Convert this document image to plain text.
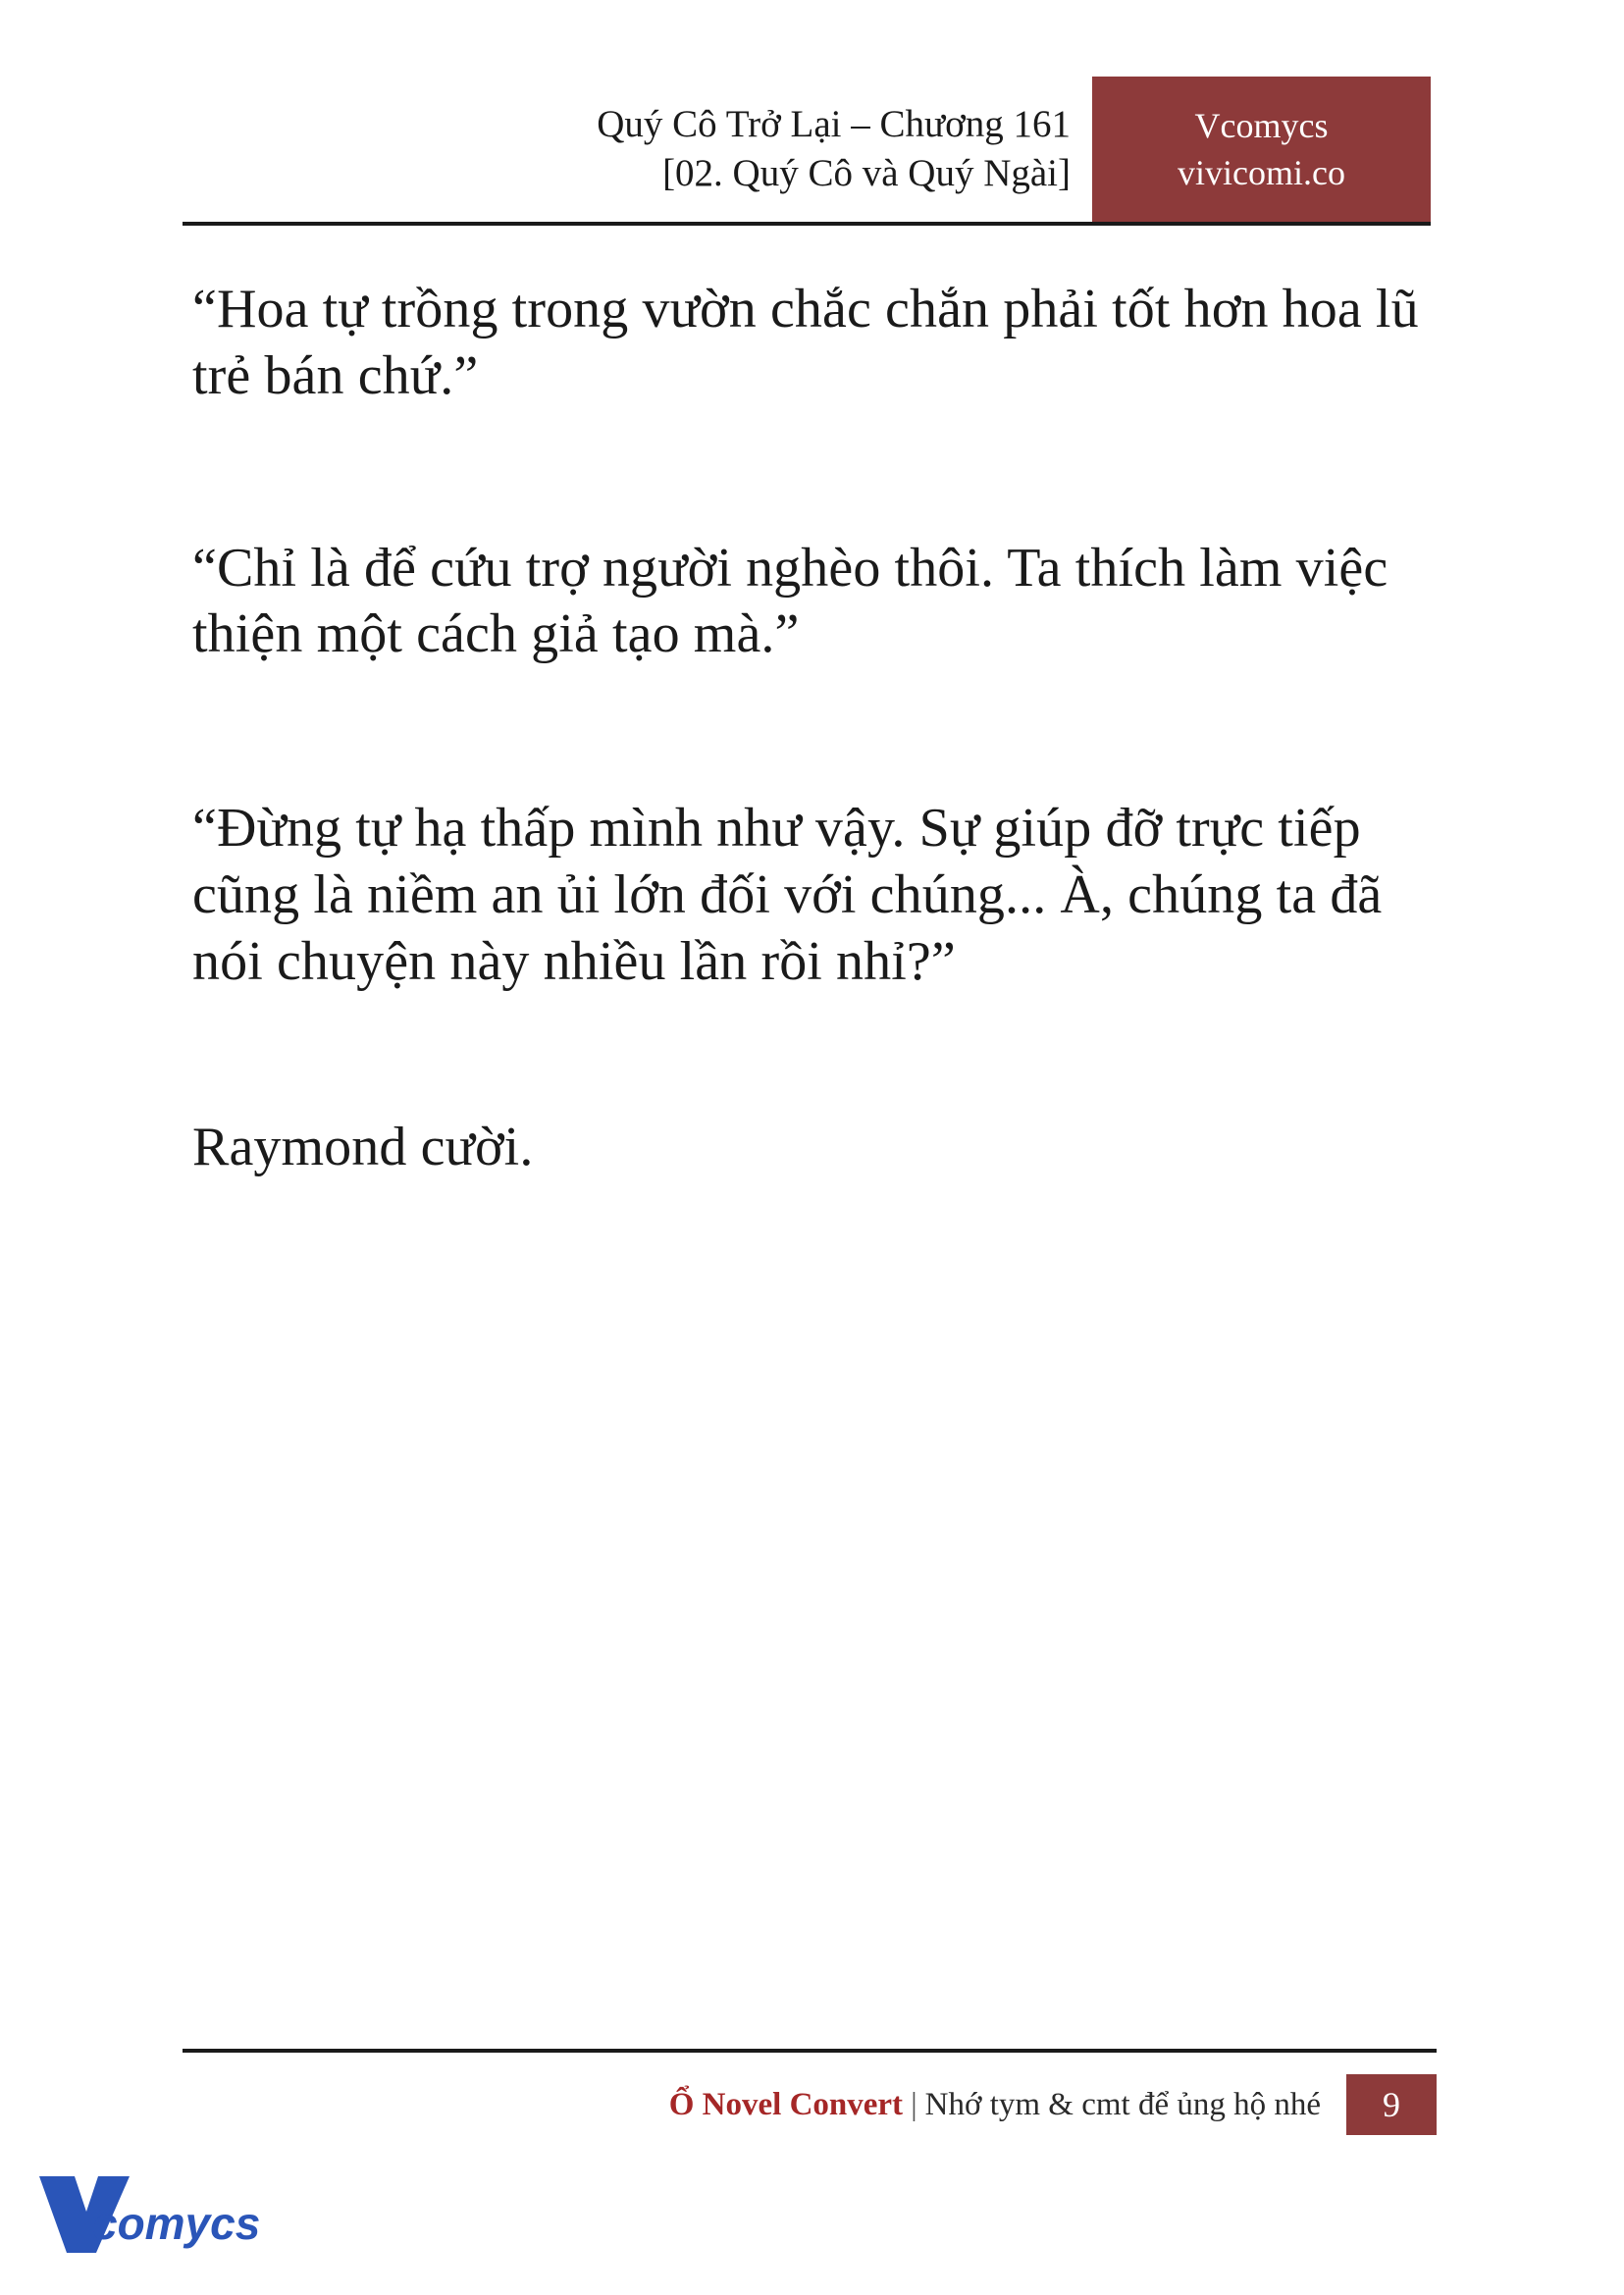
Quý Cô Trở Lại – Chương 161
[02. Quý Cô và Quý Ngài]
Vcomycs
vivicomi.co

“Hoa tự trồng trong vườn chắc chắn phải tốt hơn hoa lũ trẻ bán chứ.”

“Chỉ là để cứu trợ người nghèo thôi. Ta thích làm việc thiện một cách giả tạo mà.”

“Đừng tự hạ thấp mình như vậy. Sự giúp đỡ trực tiếp cũng là niềm an ủi lớn đối với chúng... À, chúng ta đã nói chuyện này nhiều lần rồi nhỉ?”

Raymond cười.

Ổ Novel Convert | Nhớ tym & cmt để ủng hộ nhé	9
comycs
